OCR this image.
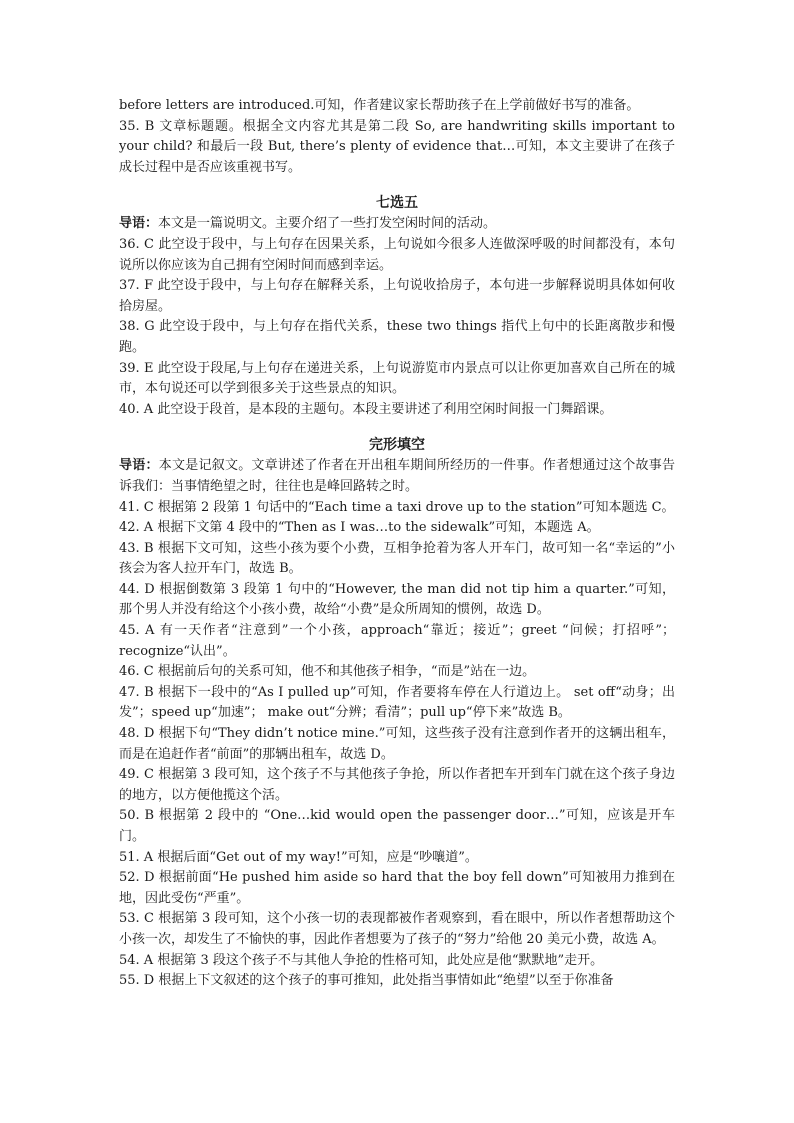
before letters are introduced.可知，作者建议家长帮助孩子在上学前做好书写的准备。

35. B 文章标题题。根据全文内容尤其是第二段 So, are handwriting skills important to your child? 和最后一段 But, there’s plenty of evidence that…可知，本文主要讲了在孩子成长过程中是否应该重视书写。

七选五

导语：本文是一篇说明文。主要介绍了一些打发空闲时间的活动。

36. C 此空设于段中，与上句存在因果关系，上句说如今很多人连做深呼吸的时间都没有，本句说所以你应该为自己拥有空闲时间而感到幸运。

37. F 此空设于段中，与上句存在解释关系，上句说收拾房子，本句进一步解释说明具体如何收拾房屋。

38. G 此空设于段中，与上句存在指代关系，these two things 指代上句中的长距离散步和慢跑。

39. E 此空设于段尾,与上句存在递进关系，上句说游览市内景点可以让你更加喜欢自己所在的城市，本句说还可以学到很多关于这些景点的知识。

40. A 此空设于段首，是本段的主题句。本段主要讲述了利用空闲时间报一门舞蹈课。

完形填空

导语：本文是记叙文。文章讲述了作者在开出租车期间所经历的一件事。作者想通过这个故事告诉我们：当事情绝望之时，往往也是峰回路转之时。

41. C 根据第 2 段第 1 句话中的“Each time a taxi drove up to the station”可知本题选 C。

42. A 根据下文第 4 段中的“Then as I was…to the sidewalk”可知，本题选 A。

43. B 根据下文可知，这些小孩为要个小费，互相争抢着为客人开车门，故可知一名“幸运的”小孩会为客人拉开车门，故选 B。

44. D 根据倒数第 3 段第 1 句中的“However, the man did not tip him a quarter.”可知，那个男人并没有给这个小孩小费，故给“小费”是众所周知的惯例，故选 D。

45. A 有一天作者“注意到”一个小孩，approach“靠近；接近”；greet “问候；打招呼”；recognize“认出”。

46. C 根据前后句的关系可知，他不和其他孩子相争，“而是”站在一边。

47. B 根据下一段中的“As I pulled up”可知，作者要将车停在人行道边上。 set off“动身；出发”；speed up“加速”； make out“分辨；看清”；pull up“停下来”故选 B。

48. D 根据下句“They didn’t notice mine.”可知，这些孩子没有注意到作者开的这辆出租车，而是在追赶作者“前面”的那辆出租车，故选 D。

49. C 根据第 3 段可知，这个孩子不与其他孩子争抢，所以作者把车开到车门就在这个孩子身边的地方，以方便他揽这个活。

50. B 根据第 2 段中的 “One…kid would open the passenger door…”可知，应该是开车门。

51. A 根据后面“Get out of my way!”可知，应是“吵嚷道”。

52. D 根据前面“He pushed him aside so hard that the boy fell down”可知被用力推到在地，因此受伤“严重”。

53. C 根据第 3 段可知，这个小孩一切的表现都被作者观察到，看在眼中，所以作者想帮助这个小孩一次，却发生了不愉快的事，因此作者想要为了孩子的“努力”给他 20 美元小费，故选 A。

54. A 根据第 3 段这个孩子不与其他人争抢的性格可知，此处应是他“默默地”走开。

55. D 根据上下文叙述的这个孩子的事可推知，此处指当事情如此“绝望”以至于你准备
